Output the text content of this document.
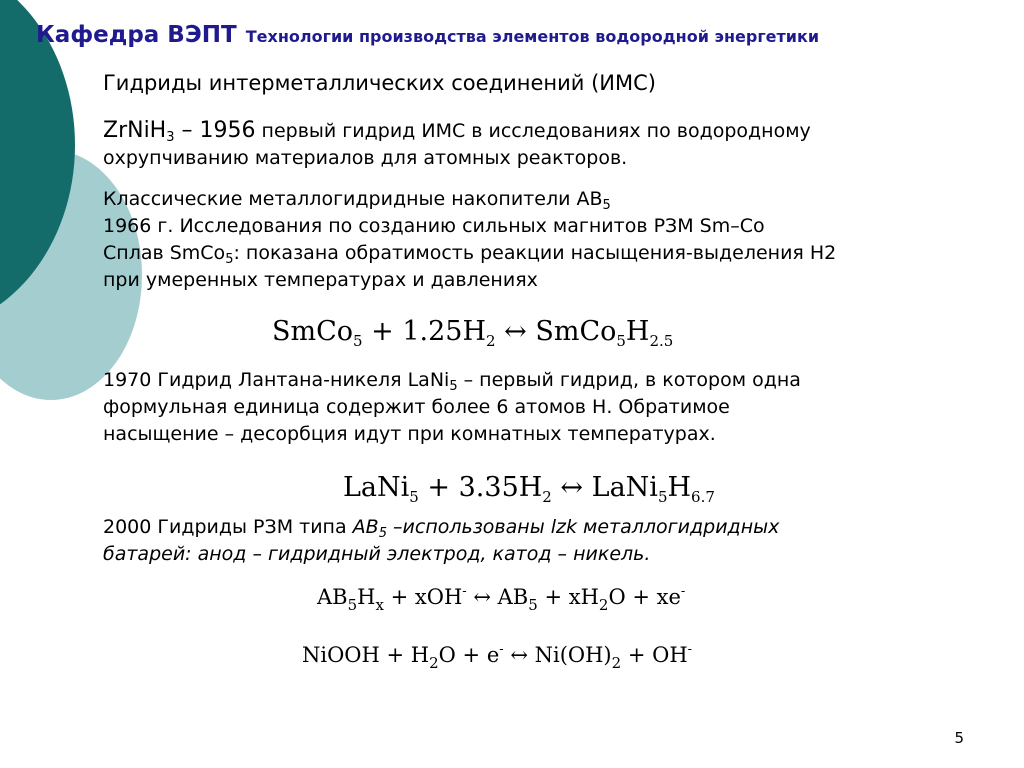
Кафедра ВЭПТ Технологии производства элементов водородной энергетики
Гидриды интерметаллических соединений (ИМС)
ZrNiH$_3$ – 1956 первый гидрид ИМС в исследованиях по водородному
охрупчиванию материалов для атомных реакторов.
Классические металлогидридные накопители $АВ_5$
1966 г. Исследования по созданию сильных магнитов РЗМ Sm–Co
Сплав SmCo$_5$: показана обратимость реакции насыщения-выделения H2
при умеренных температурах и давлениях
SmCo$_5$ + $1.25H_2$ ↔ $SmCo_5H_{2.5}$
1970 Гидрид Лантана-никеля LaNi$_5$ – первый гидрид, в котором одна
формульная единица содержит более 6 атомов Н. Обратимое
насыщение – десорбция идут при комнатных температурах.
LaNi$_5$ + $3.35H_2$ ↔ $LaNi_5H_{6.7}$
2000 Гидриды РЗМ типа $AB_5$ –использованы lzk металлогидридных
батарей: анод – гидридный электрод, катод – никель.
$AB_5H_x + xOH^-$ ↔ $AB_5 + xH_2O + xe^-$
NiOOH + $H_2O + e^-$ ↔ $Ni(OH)_2 + OH^-$
5
